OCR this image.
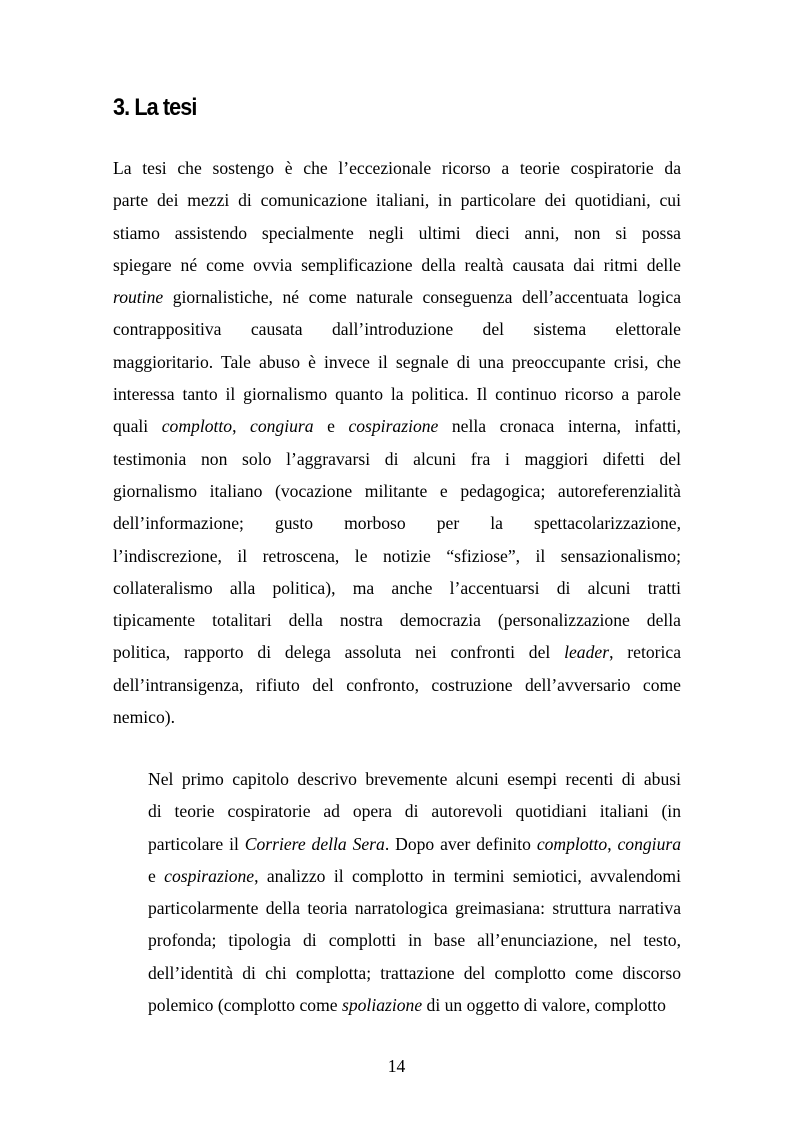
3. La tesi
La tesi che sostengo è che l’eccezionale ricorso a teorie cospiratorie da
parte dei mezzi di comunicazione italiani, in particolare dei quotidiani, cui
stiamo assistendo specialmente negli ultimi dieci anni, non si possa
spiegare né come ovvia semplificazione della realtà causata dai ritmi delle
routine giornalistiche, né come naturale conseguenza dell’accentuata logica
contrappositiva causata dall’introduzione del sistema elettorale
maggioritario. Tale abuso è invece il segnale di una preoccupante crisi, che
interessa tanto il giornalismo quanto la politica. Il continuo ricorso a parole
quali complotto, congiura e cospirazione nella cronaca interna, infatti,
testimonia non solo l’aggravarsi di alcuni fra i maggiori difetti del
giornalismo italiano (vocazione militante e pedagogica; autoreferenzialità
dell’informazione; gusto morboso per la spettacolarizzazione,
l’indiscrezione, il retroscena, le notizie “sfiziose”, il sensazionalismo;
collateralismo alla politica), ma anche l’accentuarsi di alcuni tratti
tipicamente totalitari della nostra democrazia (personalizzazione della
politica, rapporto di delega assoluta nei confronti del leader, retorica
dell’intransigenza, rifiuto del confronto, costruzione dell’avversario come
nemico).
Nel primo capitolo descrivo brevemente alcuni esempi recenti di abusi
di teorie cospiratorie ad opera di autorevoli quotidiani italiani (in
particolare il Corriere della Sera. Dopo aver definito complotto, congiura
e cospirazione, analizzo il complotto in termini semiotici, avvalendomi
particolarmente della teoria narratologica greimasiana: struttura narrativa
profonda; tipologia di complotti in base all’enunciazione, nel testo,
dell’identità di chi complotta; trattazione del complotto come discorso
polemico (complotto come spoliazione di un oggetto di valore, complotto
14
